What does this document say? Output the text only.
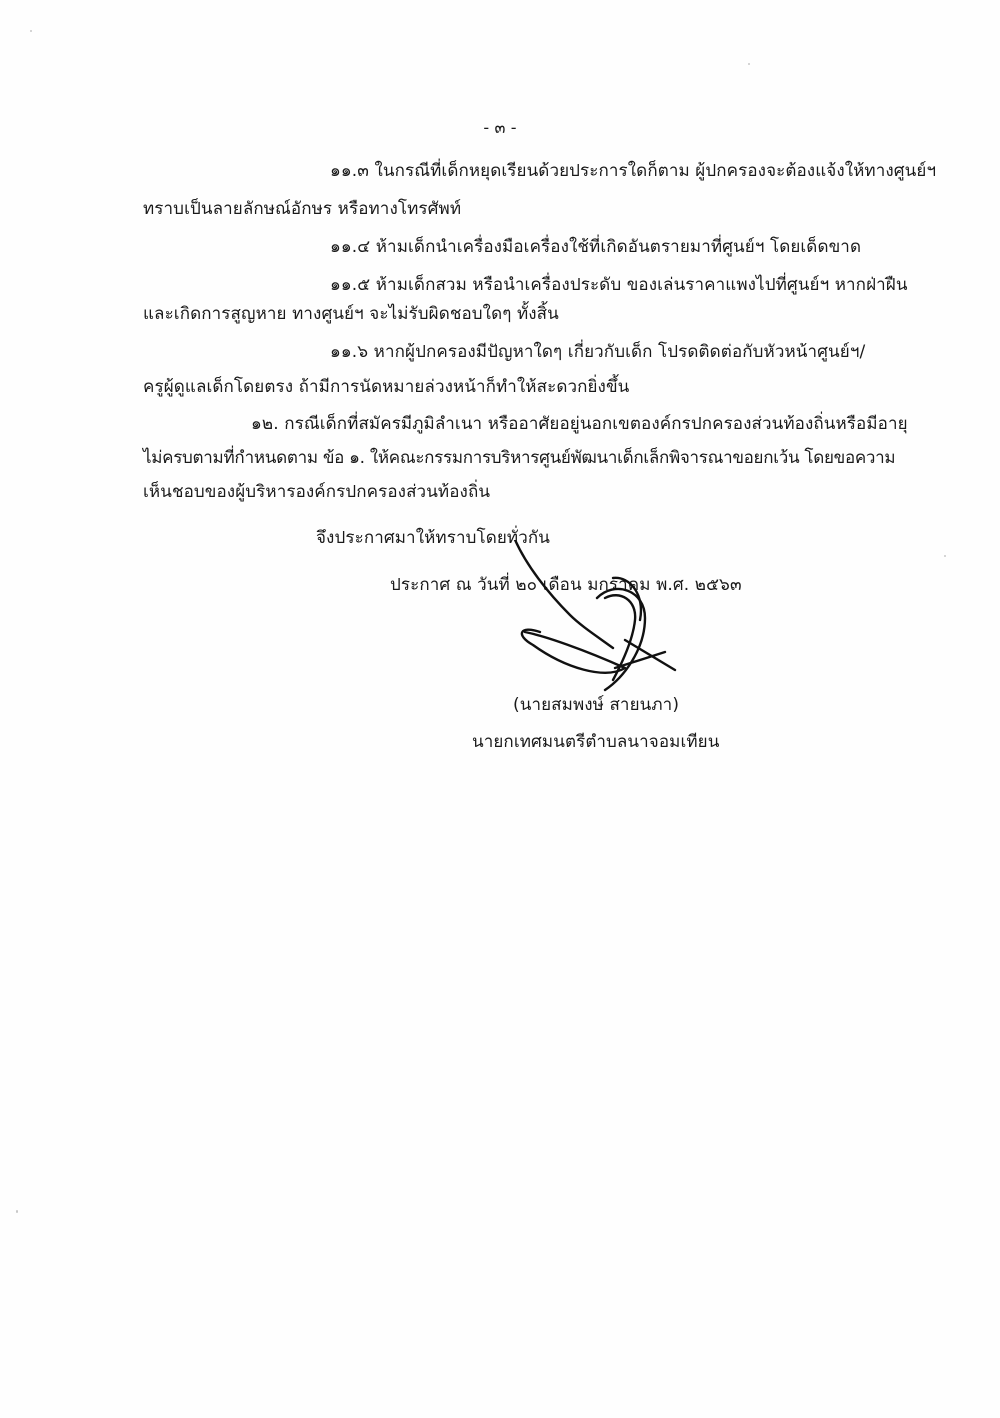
- ๓ -
๑๑.๓ ในกรณีที่เด็กหยุดเรียนด้วยประการใดก็ตาม ผู้ปกครองจะต้องแจ้งให้ทางศูนย์ฯ
ทราบเป็นลายลักษณ์อักษร หรือทางโทรศัพท์
๑๑.๔ ห้ามเด็กนำเครื่องมือเครื่องใช้ที่เกิดอันตรายมาที่ศูนย์ฯ โดยเด็ดขาด
๑๑.๕ ห้ามเด็กสวม หรือนำเครื่องประดับ ของเล่นราคาแพงไปที่ศูนย์ฯ หากฝ่าฝืน
และเกิดการสูญหาย ทางศูนย์ฯ จะไม่รับผิดชอบใดๆ ทั้งสิ้น
๑๑.๖ หากผู้ปกครองมีปัญหาใดๆ เกี่ยวกับเด็ก โปรดติดต่อกับหัวหน้าศูนย์ฯ/
ครูผู้ดูแลเด็กโดยตรง ถ้ามีการนัดหมายล่วงหน้าก็ทำให้สะดวกยิ่งขึ้น
๑๒. กรณีเด็กที่สมัครมีภูมิลำเนา หรืออาศัยอยู่นอกเขตองค์กรปกครองส่วนท้องถิ่นหรือมีอายุ
ไม่ครบตามที่กำหนดตาม ข้อ ๑. ให้คณะกรรมการบริหารศูนย์พัฒนาเด็กเล็กพิจารณาขอยกเว้น โดยขอความ
เห็นชอบของผู้บริหารองค์กรปกครองส่วนท้องถิ่น
จึงประกาศมาให้ทราบโดยทั่วกัน
ประกาศ ณ วันที่ ๒๐ เดือน มกราคม พ.ศ. ๒๕๖๓
(นายสมพงษ์ สายนภา)
นายกเทศมนตรีตำบลนาจอมเทียน
